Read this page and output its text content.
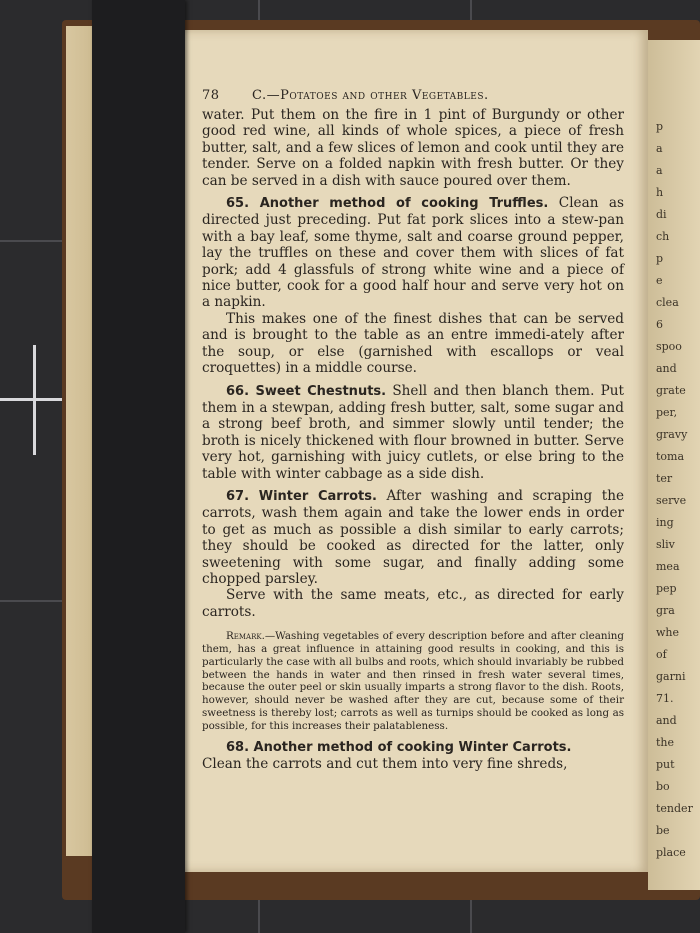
p
a
a
h
di
ch
p
e
clea
6
spoo
and
grate
per,
gravy
toma
ter
serve
ing
sliv
mea
pep
gra
whe
of
garni
71.
and
the
put
bo
tender
be
place
78	C.—Potatoes and other Vegetables.

water. Put them on the fire in 1 pint of Burgundy or other good red wine, all kinds of whole spices, a piece of fresh butter, salt, and a few slices of lemon and cook until they are tender. Serve on a folded napkin with fresh butter. Or they can be served in a dish with sauce poured over them.

65. Another method of cooking Truffles. Clean as directed just preceding. Put fat pork slices into a stew-pan with a bay leaf, some thyme, salt and coarse ground pepper, lay the truffles on these and cover them with slices of fat pork; add 4 glassfuls of strong white wine and a piece of nice butter, cook for a good half hour and serve very hot on a napkin.

This makes one of the finest dishes that can be served and is brought to the table as an entre immedi-ately after the soup, or else (garnished with escallops or veal croquettes) in a middle course.

66. Sweet Chestnuts. Shell and then blanch them. Put them in a stewpan, adding fresh butter, salt, some sugar and a strong beef broth, and simmer slowly until tender; the broth is nicely thickened with flour browned in butter. Serve very hot, garnishing with juicy cutlets, or else bring to the table with winter cabbage as a side dish.

67. Winter Carrots. After washing and scraping the carrots, wash them again and take the lower ends in order to get as much as possible a dish similar to early carrots; they should be cooked as directed for the latter, only sweetening with some sugar, and finally adding some chopped parsley.

Serve with the same meats, etc., as directed for early carrots.

Remark.—Washing vegetables of every description before and after cleaning them, has a great influence in attaining good results in cooking, and this is particularly the case with all bulbs and roots, which should invariably be rubbed between the hands in water and then rinsed in fresh water several times, because the outer peel or skin usually imparts a strong flavor to the dish. Roots, however, should never be washed after they are cut, because some of their sweetness is thereby lost; carrots as well as turnips should be cooked as long as possible, for this increases their palatableness.

68. Another method of cooking Winter Carrots.

Clean the carrots and cut them into very fine shreds,
